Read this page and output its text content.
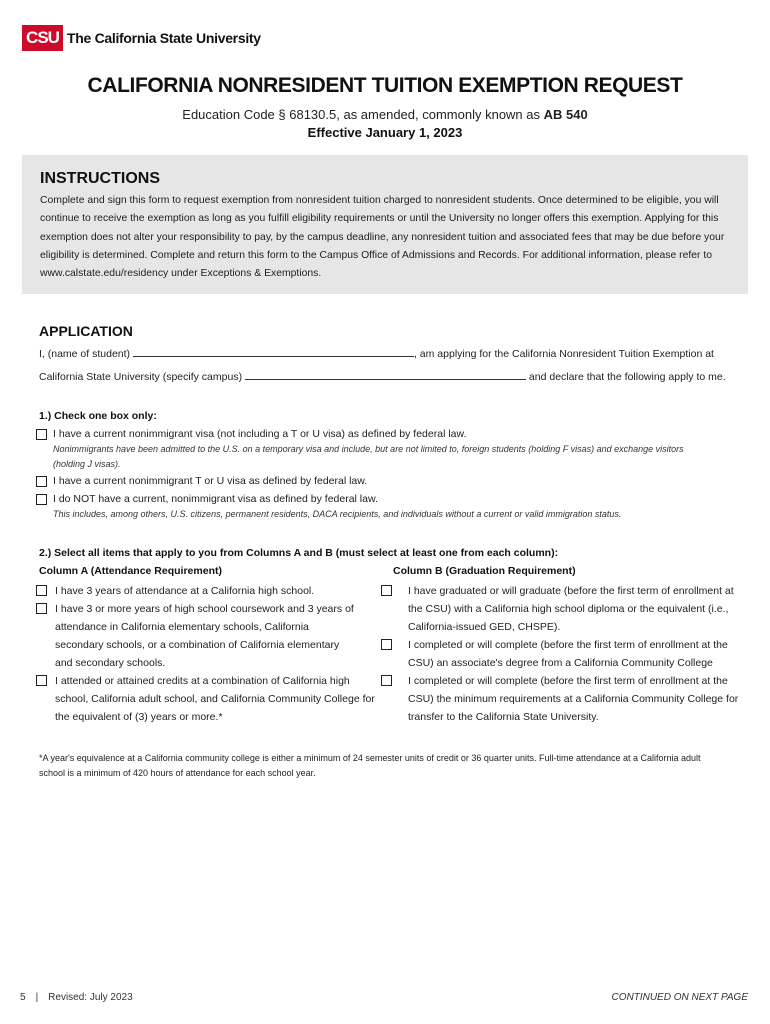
CSU The California State University
CALIFORNIA NONRESIDENT TUITION EXEMPTION REQUEST
Education Code § 68130.5, as amended, commonly known as AB 540
Effective January 1, 2023
INSTRUCTIONS
Complete and sign this form to request exemption from nonresident tuition charged to nonresident students. Once determined to be eligible, you will continue to receive the exemption as long as you fulfill eligibility requirements or until the University no longer offers this exemption. Applying for this exemption does not alter your responsibility to pay, by the campus deadline, any nonresident tuition and associated fees that may be due before your eligibility is determined. Complete and return this form to the Campus Office of Admissions and Records. For additional information, please refer to www.calstate.edu/residency under Exceptions & Exemptions.
APPLICATION
I, (name of student)	, am applying for the California Nonresident Tuition Exemption at
California State University (specify campus)	and declare that the following apply to me.
1.) Check one box only:
I have a current nonimmigrant visa (not including a T or U visa) as defined by federal law.
Nonimmigrants have been admitted to the U.S. on a temporary visa and include, but are not limited to, foreign students (holding F visas) and exchange visitors (holding J visas).
I have a current nonimmigrant T or U visa as defined by federal law.
I do NOT have a current, nonimmigrant visa as defined by federal law.
This includes, among others, U.S. citizens, permanent residents, DACA recipients, and individuals without a current or valid immigration status.
2.) Select all items that apply to you from Columns A and B (must select at least one from each column):
Column A (Attendance Requirement)	Column B (Graduation Requirement)
I have 3 years of attendance at a California high school.
I have 3 or more years of high school coursework and 3 years of attendance in California elementary schools, California secondary schools, or a combination of California elementary and secondary schools.
I attended or attained credits at a combination of California high school, California adult school, and California Community College for the equivalent of (3) years or more.*
I have graduated or will graduate (before the first term of enrollment at the CSU) with a California high school diploma or the equivalent (i.e., California-issued GED, CHSPE).
I completed or will complete (before the first term of enrollment at the CSU) an associate's degree from a California Community College
I completed or will complete (before the first term of enrollment at the CSU) the minimum requirements at a California Community College for transfer to the California State University.
*A year's equivalence at a California community college is either a minimum of 24 semester units of credit or 36 quarter units. Full-time attendance at a California adult school is a minimum of 420 hours of attendance for each school year.
5 | Revised: July 2023	CONTINUED ON NEXT PAGE
